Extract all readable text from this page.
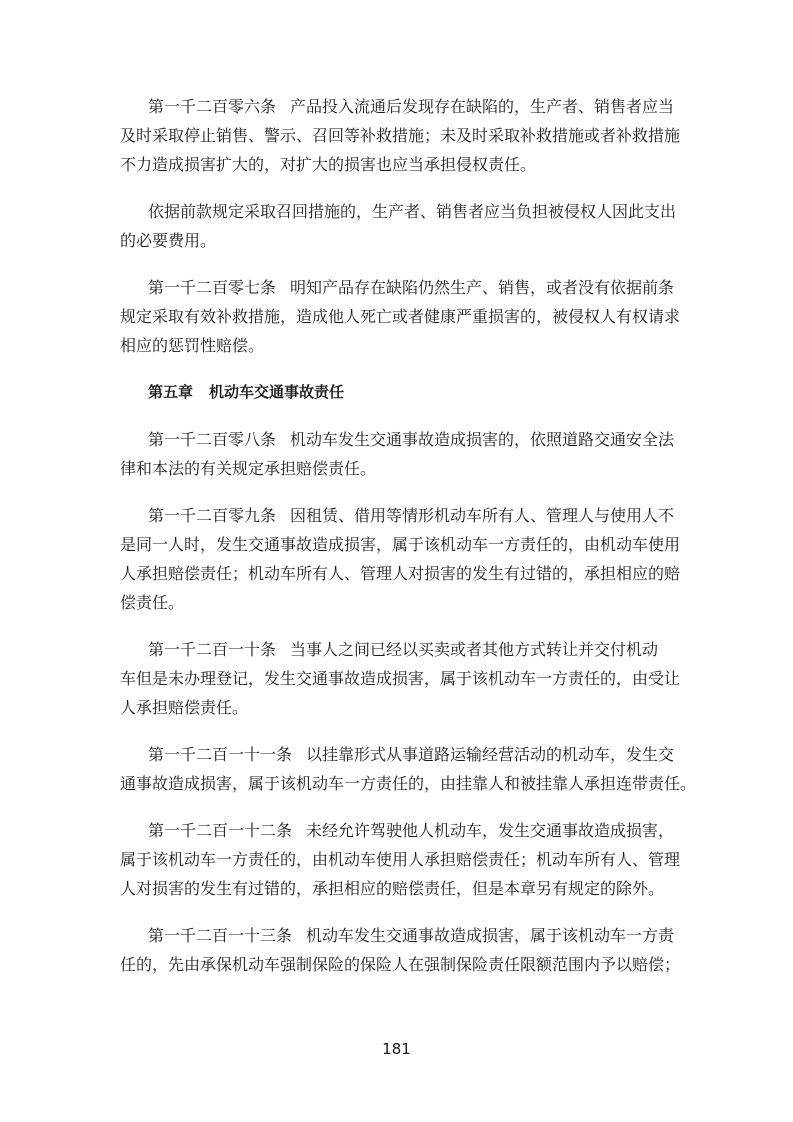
第一千二百零六条 产品投入流通后发现存在缺陷的，生产者、销售者应当
及时采取停止销售、警示、召回等补救措施；未及时采取补救措施或者补救措施
不力造成损害扩大的，对扩大的损害也应当承担侵权责任。

依据前款规定采取召回措施的，生产者、销售者应当负担被侵权人因此支出
的必要费用。

第一千二百零七条 明知产品存在缺陷仍然生产、销售，或者没有依据前条
规定采取有效补救措施，造成他人死亡或者健康严重损害的，被侵权人有权请求
相应的惩罚性赔偿。

第五章 机动车交通事故责任

第一千二百零八条 机动车发生交通事故造成损害的，依照道路交通安全法
律和本法的有关规定承担赔偿责任。

第一千二百零九条 因租赁、借用等情形机动车所有人、管理人与使用人不
是同一人时，发生交通事故造成损害，属于该机动车一方责任的，由机动车使用
人承担赔偿责任；机动车所有人、管理人对损害的发生有过错的，承担相应的赔
偿责任。

第一千二百一十条 当事人之间已经以买卖或者其他方式转让并交付机动
车但是未办理登记，发生交通事故造成损害，属于该机动车一方责任的，由受让
人承担赔偿责任。

第一千二百一十一条 以挂靠形式从事道路运输经营活动的机动车，发生交
通事故造成损害，属于该机动车一方责任的，由挂靠人和被挂靠人承担连带责任。

第一千二百一十二条 未经允许驾驶他人机动车，发生交通事故造成损害，
属于该机动车一方责任的，由机动车使用人承担赔偿责任；机动车所有人、管理
人对损害的发生有过错的，承担相应的赔偿责任，但是本章另有规定的除外。

第一千二百一十三条 机动车发生交通事故造成损害，属于该机动车一方责
任的，先由承保机动车强制保险的保险人在强制保险责任限额范围内予以赔偿；

181
